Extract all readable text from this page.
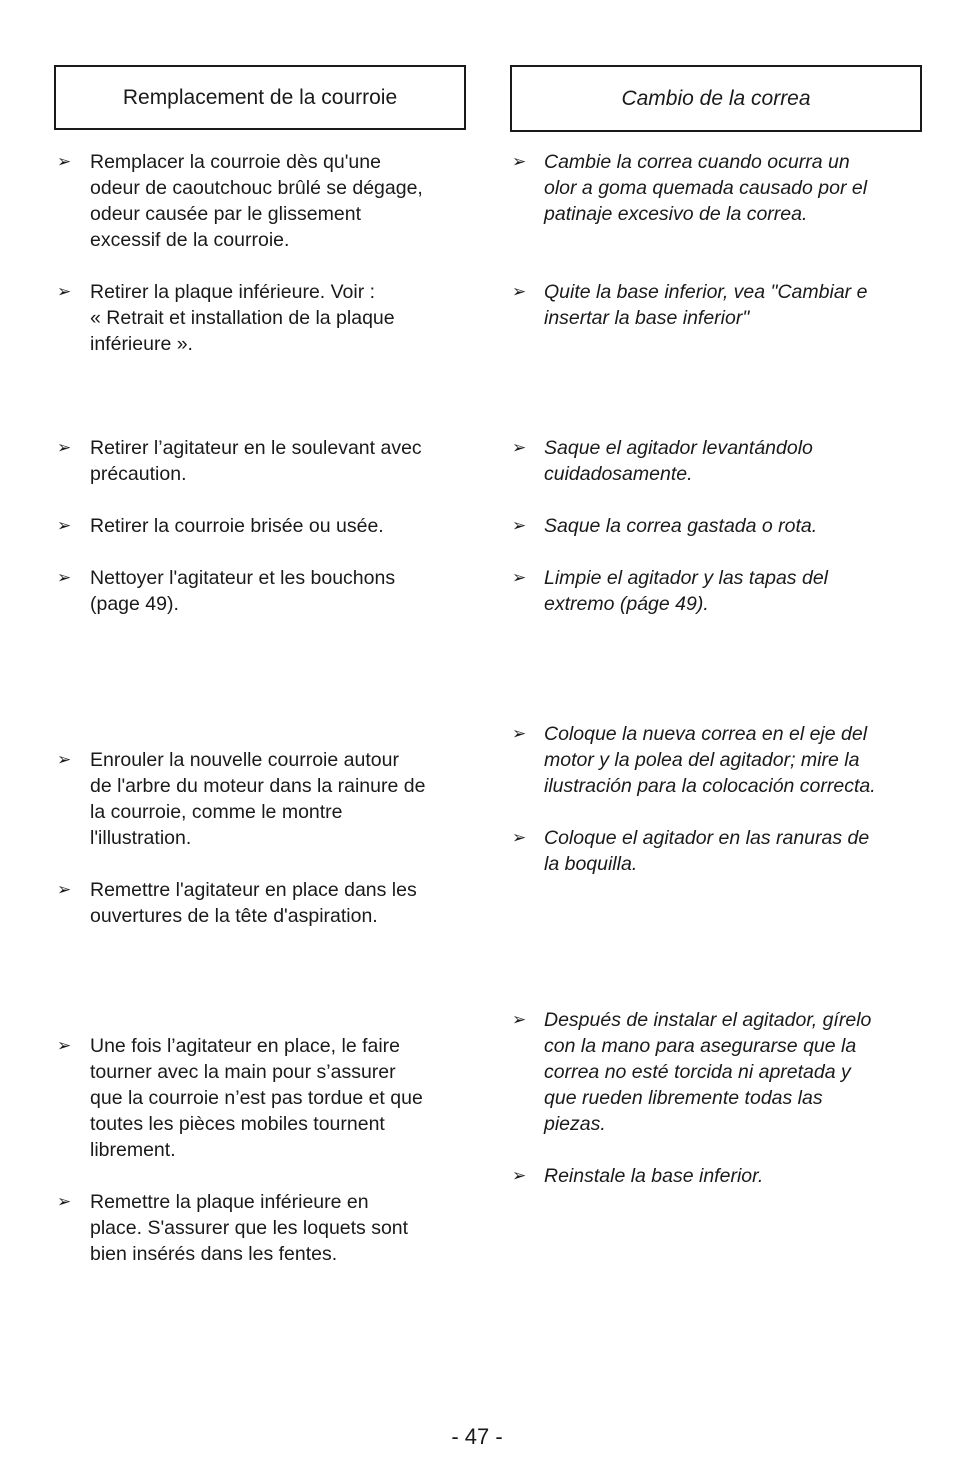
Remplacement de la courroie	Cambio de la correa
➢ Remplacer la courroie dès qu'une
odeur de caoutchouc brûlé se dégage,
odeur causée par le glissement
excessif de la courroie.
➢ Retirer la plaque inférieure. Voir :
« Retrait et installation de la plaque
inférieure ».
➢ Retirer l’agitateur en le soulevant avec
précaution.
➢ Retirer la courroie brisée ou usée.
➢ Nettoyer l'agitateur et les bouchons
(page 49).
➢ Enrouler la nouvelle courroie autour
de l'arbre du moteur dans la rainure de
la courroie, comme le montre
l'illustration.
➢ Remettre l'agitateur en place dans les
ouvertures de la tête d'aspiration.
➢ Une fois l’agitateur en place, le faire
tourner avec la main pour s’assurer
que la courroie n’est pas tordue et que
toutes les pièces mobiles tournent
librement.
➢ Remettre la plaque inférieure en
place. S'assurer que les loquets sont
bien insérés dans les fentes.
➢ Cambie la correa cuando ocurra un
olor a goma quemada causado por el
patinaje excesivo de la correa.
➢ Quite la base inferior, vea "Cambiar e
insertar la base inferior"
➢ Saque el agitador levantándolo
cuidadosamente.
➢ Saque la correa gastada o rota.
➢ Limpie el agitador y las tapas del
extremo (páge 49).
➢ Coloque la nueva correa en el eje del
motor y la polea del agitador; mire la
ilustración para la colocación correcta.
➢ Coloque el agitador en las ranuras de
la boquilla.
➢ Después de instalar el agitador, gírelo
con la mano para asegurarse que la
correa no esté torcida ni apretada y
que rueden libremente todas las
piezas.
➢ Reinstale la base inferior.
- 47 -
